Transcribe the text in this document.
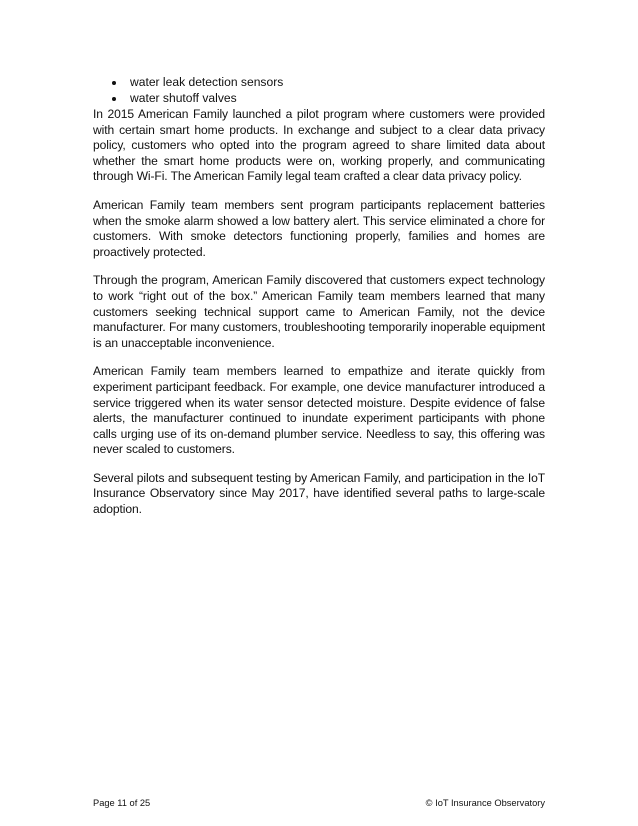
water leak detection sensors
water shutoff valves

In 2015 American Family launched a pilot program where customers were provided with certain smart home products. In exchange and subject to a clear data privacy policy, customers who opted into the program agreed to share limited data about whether the smart home products were on, working properly, and communicating through Wi-Fi. The American Family legal team crafted a clear data privacy policy.

American Family team members sent program participants replacement batteries when the smoke alarm showed a low battery alert. This service eliminated a chore for customers. With smoke detectors functioning properly, families and homes are proactively protected.

Through the program, American Family discovered that customers expect technology to work “right out of the box.” American Family team members learned that many customers seeking technical support came to American Family, not the device manufacturer. For many customers, troubleshooting temporarily inoperable equipment is an unacceptable inconvenience.

American Family team members learned to empathize and iterate quickly from experiment participant feedback. For example, one device manufacturer introduced a service triggered when its water sensor detected moisture. Despite evidence of false alerts, the manufacturer continued to inundate experiment participants with phone calls urging use of its on-demand plumber service. Needless to say, this offering was never scaled to customers.

Several pilots and subsequent testing by American Family, and participation in the IoT Insurance Observatory since May 2017, have identified several paths to large-scale adoption.

Page 11 of 25	© IoT Insurance Observatory
